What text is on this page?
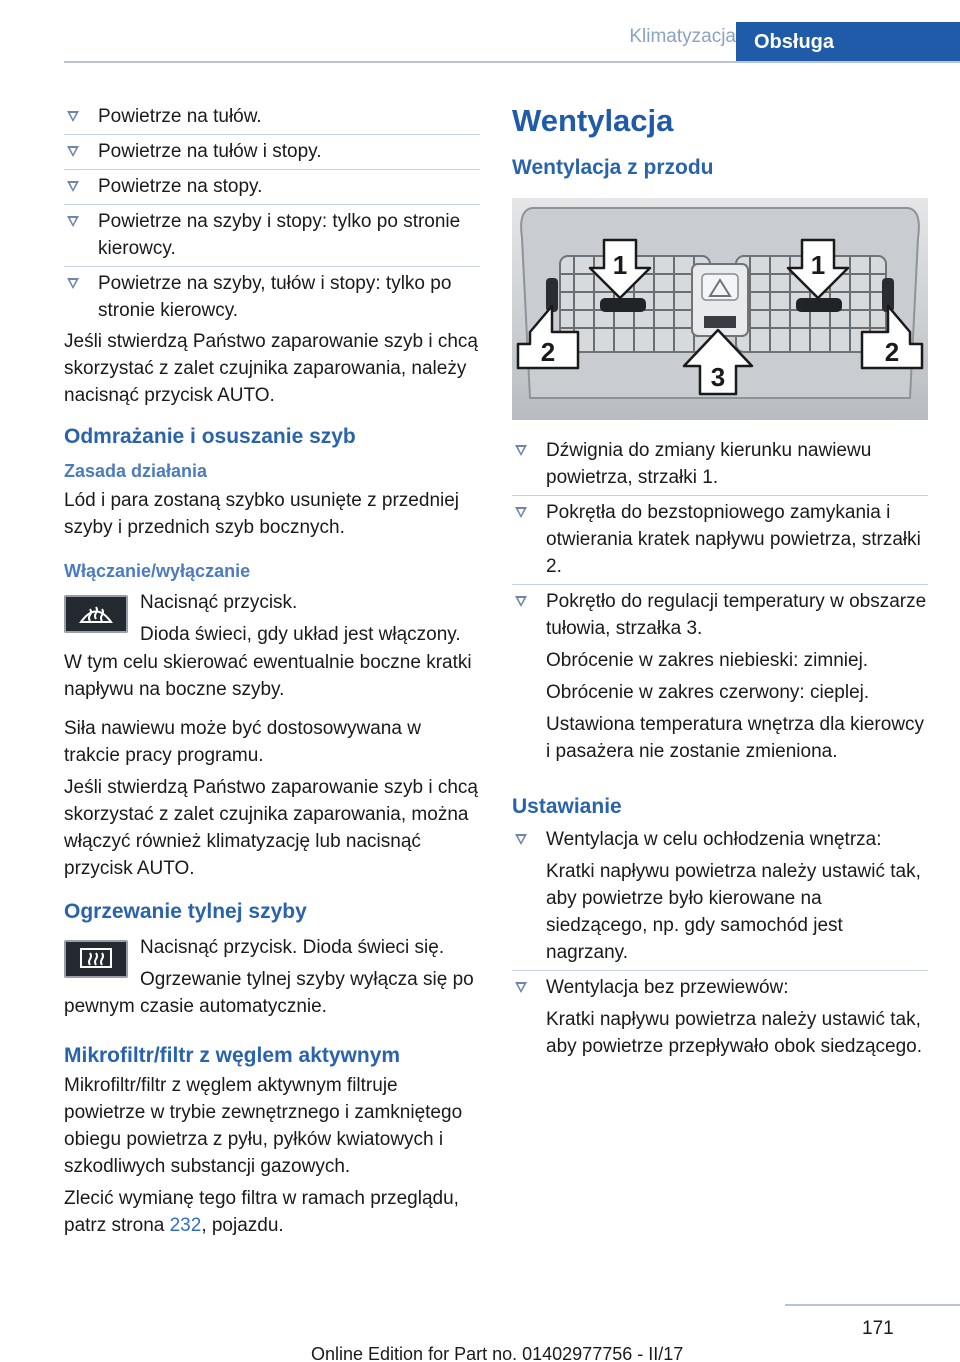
Klimatyzacja Obsługa
Powietrze na tułów.
Powietrze na tułów i stopy.
Powietrze na stopy.
Powietrze na szyby i stopy: tylko po stronie kierowcy.
Powietrze na szyby, tułów i stopy: tylko po stronie kierowcy.

Jeśli stwierdzą Państwo zaparowanie szyb i chcą skorzystać z zalet czujnika zaparowania, należy nacisnąć przycisk AUTO.

Odmrażanie i osuszanie szyb
Zasada działania

Lód i para zostaną szybko usunięte z przedniej szyby i przednich szyb bocznych.

Włączanie/wyłączanie

Nacisnąć przycisk.

Dioda świeci, gdy układ jest włączony.

W tym celu skierować ewentualnie boczne kratki napływu na boczne szyby.

Siła nawiewu może być dostosowywana w trakcie pracy programu.

Jeśli stwierdzą Państwo zaparowanie szyb i chcą skorzystać z zalet czujnika zaparowania, można włączyć również klimatyzację lub nacisnąć przycisk AUTO.

Ogrzewanie tylnej szyby

Nacisnąć przycisk. Dioda świeci się.

Ogrzewanie tylnej szyby wyłącza się po pewnym czasie automatycznie.

Mikrofiltr/filtr z węglem aktywnym

Mikrofiltr/filtr z węglem aktywnym filtruje powietrze w trybie zewnętrznego i zamkniętego obiegu powietrza z pyłu, pyłków kwiatowych i szkodliwych substancji gazowych.

Zlecić wymianę tego filtra w ramach przeglądu, patrz strona 232, pojazdu.

Wentylacja
Wentylacja z przodu
1	1
2	2
3
Dźwignia do zmiany kierunku nawiewu powietrza, strzałki 1.
Pokrętła do bezstopniowego zamykania i otwierania kratek napływu powietrza, strzałki 2.
Pokrętło do regulacji temperatury w obszarze tułowia, strzałka 3.
Obrócenie w zakres niebieski: zimniej.
Obrócenie w zakres czerwony: cieplej.
Ustawiona temperatura wnętrza dla kierowcy i pasażera nie zostanie zmieniona.
Ustawianie
Wentylacja w celu ochłodzenia wnętrza:
Kratki napływu powietrza należy ustawić tak, aby powietrze było kierowane na siedzącego, np. gdy samochód jest nagrzany.
Wentylacja bez przewiewów:
Kratki napływu powietrza należy ustawić tak, aby powietrze przepływało obok siedzącego.
171
Online Edition for Part no. 01402977756 - II/17
